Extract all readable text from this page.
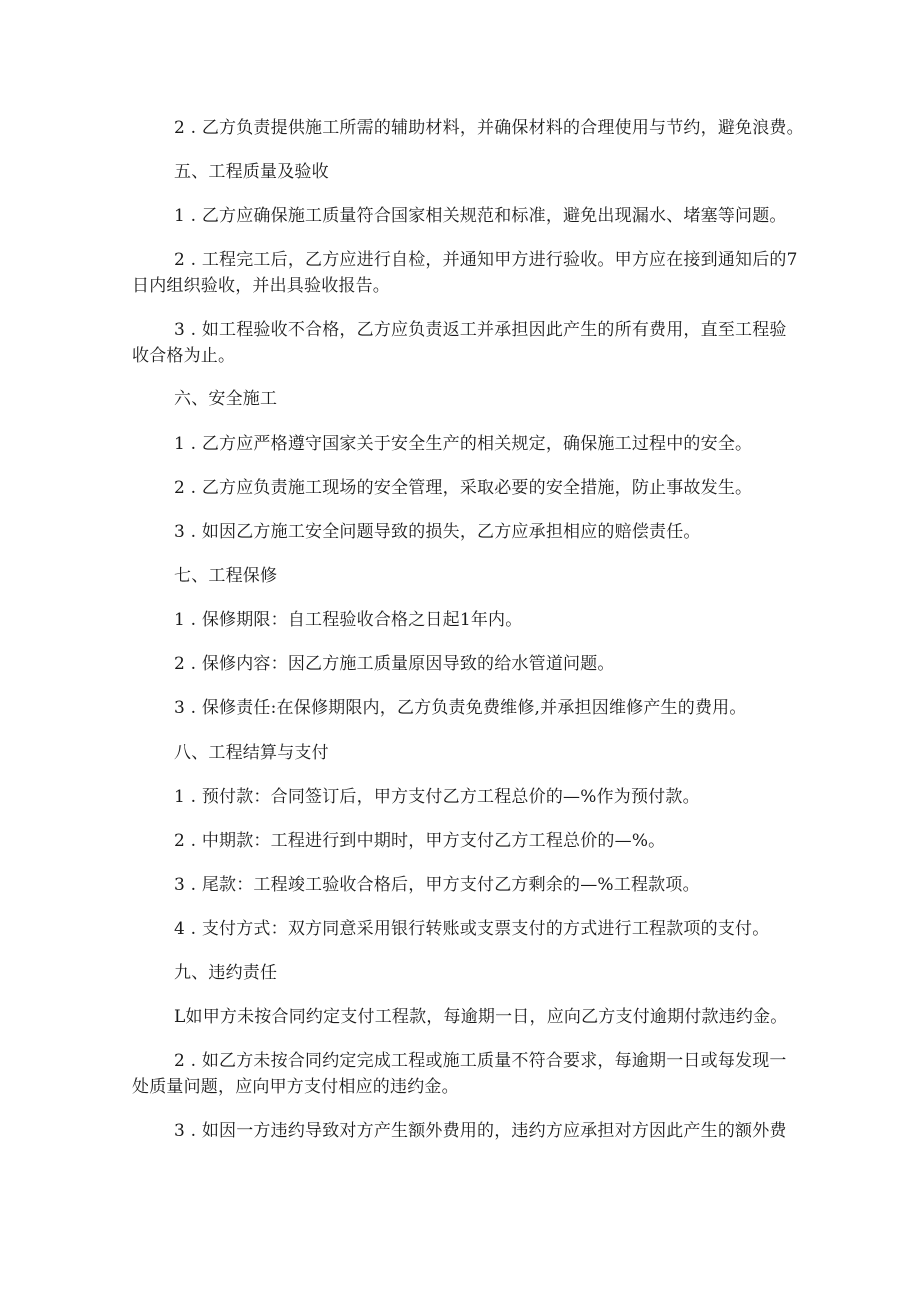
2 . 乙方负责提供施工所需的辅助材料，并确保材料的合理使用与节约，避免浪费。
五、工程质量及验收
1 . 乙方应确保施工质量符合国家相关规范和标准，避免出现漏水、堵塞等问题。
2 . 工程完工后，乙方应进行自检，并通知甲方进行验收。甲方应在接到通知后的7
日内组织验收，并出具验收报告。
3 . 如工程验收不合格，乙方应负责返工并承担因此产生的所有费用，直至工程验
收合格为止。
六、安全施工
1 . 乙方应严格遵守国家关于安全生产的相关规定，确保施工过程中的安全。
2 . 乙方应负责施工现场的安全管理，采取必要的安全措施，防止事故发生。
3 . 如因乙方施工安全问题导致的损失，乙方应承担相应的赔偿责任。
七、工程保修
1 . 保修期限：自工程验收合格之日起1年内。
2 . 保修内容：因乙方施工质量原因导致的给水管道问题。
3 . 保修责任:在保修期限内，乙方负责免费维修,并承担因维修产生的费用。
八、工程结算与支付
1 . 预付款：合同签订后，甲方支付乙方工程总价的—%作为预付款。
2 . 中期款：工程进行到中期时，甲方支付乙方工程总价的—%。
3 . 尾款：工程竣工验收合格后，甲方支付乙方剩余的—%工程款项。
4 . 支付方式：双方同意采用银行转账或支票支付的方式进行工程款项的支付。
九、违约责任
L如甲方未按合同约定支付工程款，每逾期一日，应向乙方支付逾期付款违约金。
2 . 如乙方未按合同约定完成工程或施工质量不符合要求，每逾期一日或每发现一
处质量问题，应向甲方支付相应的违约金。
3 . 如因一方违约导致对方产生额外费用的，违约方应承担对方因此产生的额外费
